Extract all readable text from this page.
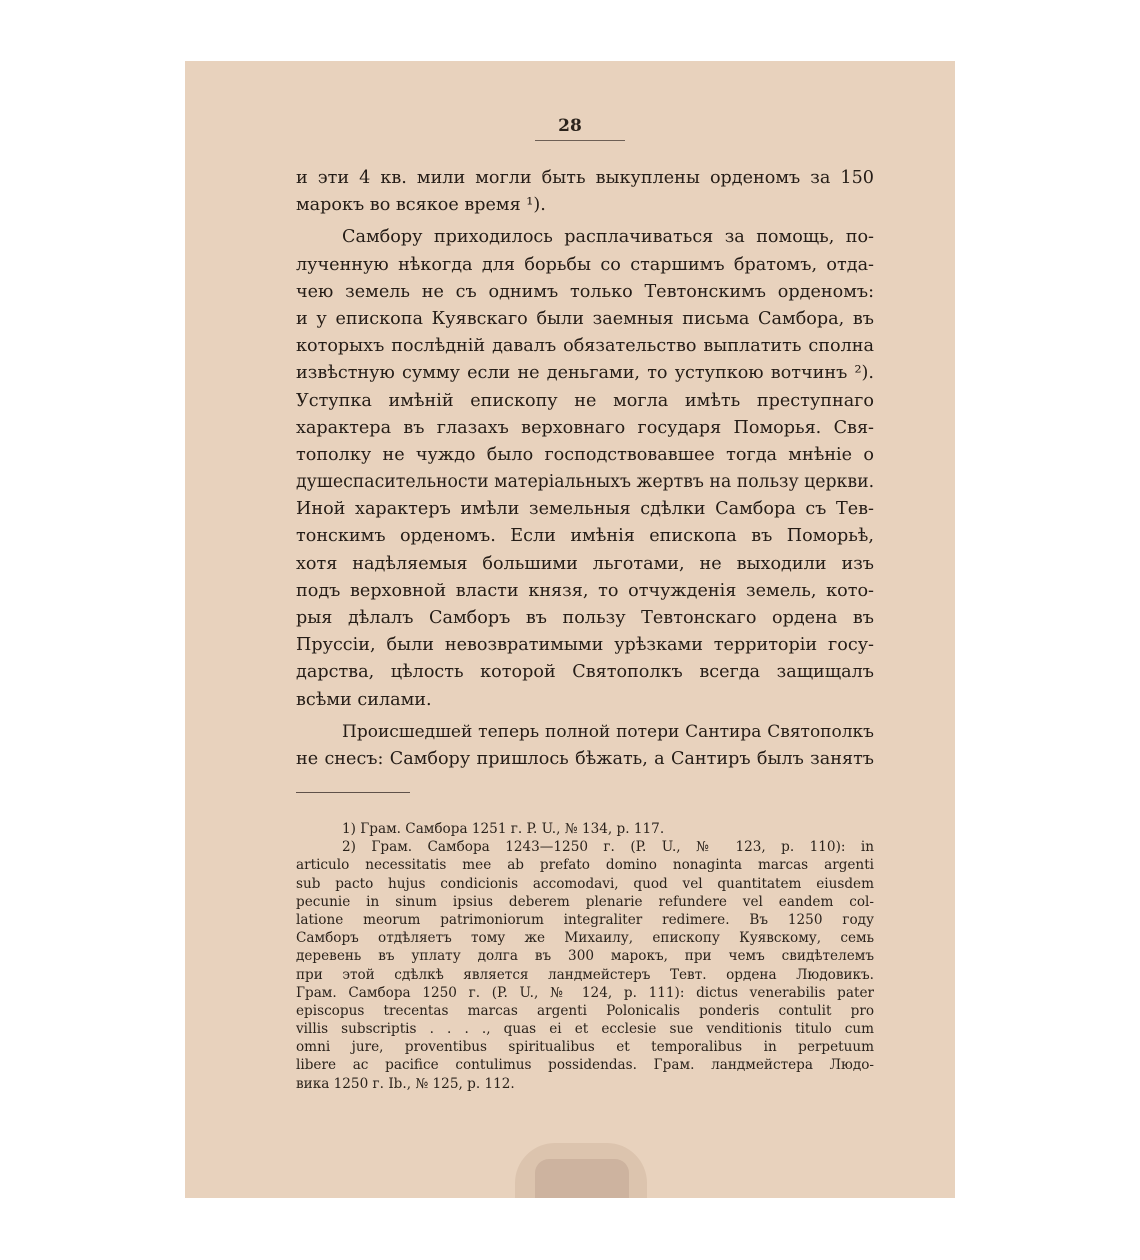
28
и эти 4 кв. мили могли быть выкуплены орденомъ за 150
марокъ во всякое время ¹).
Самбору приходилось расплачиваться за помощь, по-
лученную нѣкогда для борьбы со старшимъ братомъ, отда-
чею земель не съ однимъ только Тевтонскимъ орденомъ:
и у епископа Куявскаго были заемныя письма Самбора, въ
которыхъ послѣднiй давалъ обязательство выплатить сполна
извѣстную сумму если не деньгами, то уступкою вотчинъ ²).
Уступка имѣнiй епископу не могла имѣть преступнаго
характера въ глазахъ верховнаго государя Поморья. Свя-
тополку не чуждо было господствовавшее тогда мнѣнiе о
душеспасительности матерiальныхъ жертвъ на пользу церкви.
Иной характеръ имѣли земельныя сдѣлки Самбора съ Тев-
тонскимъ орденомъ. Если имѣнiя епископа въ Поморьѣ,
хотя надѣляемыя большими льготами, не выходили изъ
подъ верховной власти князя, то отчужденiя земель, кото-
рыя дѣлалъ Самборъ въ пользу Тевтонскаго ордена въ
Пруссiи, были невозвратимыми урѣзками территорiи госу-
дарства, цѣлость которой Святополкъ всегда защищалъ
всѣми силами.
Происшедшей теперь полной потери Сантира Святополкъ
не снесъ: Самбору пришлось бѣжать, а Сантиръ былъ занятъ
1) Грам. Самбора 1251 г. P. U., № 134, p. 117.
2) Грам. Самбора 1243—1250 г. (P. U., № 123, p. 110): in
articulo necessitatis mee ab prefato domino nonaginta marcas argenti
sub pacto hujus condicionis accomodavi, quod vel quantitatem eiusdem
pecunie in sinum ipsius deberem plenarie refundere vel eandem col-
latione meorum patrimoniorum integraliter redimere. Въ 1250 году
Самборъ отдѣляетъ тому же Михаилу, епископу Куявскому, семь
деревень въ уплату долга въ 300 марокъ, при чемъ свидѣтелемъ
при этой сдѣлкѣ является ландмейстеръ Тевт. ордена Людовикъ.
Грам. Самбора 1250 г. (P. U., № 124, p. 111): dictus venerabilis pater
episcopus trecentas marcas argenti Polonicalis ponderis contulit pro
villis subscriptis . . . ., quas ei et ecclesie sue venditionis titulo cum
omni jure, proventibus spiritualibus et temporalibus in perpetuum
libere ac pacifice contulimus possidendas. Грам. ландмейстера Людо-
вика 1250 г. Ib., № 125, p. 112.
